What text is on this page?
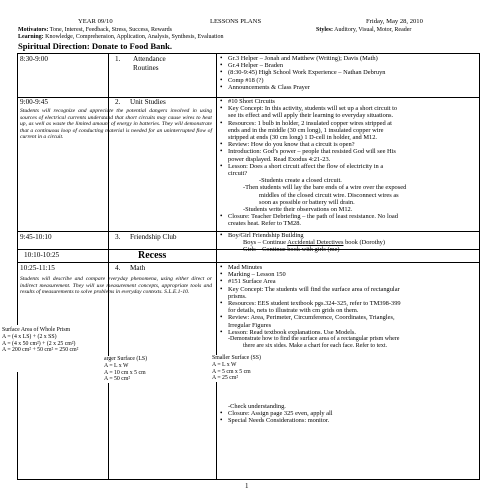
YEAR 09/10	LESSONS PLANS	Friday, May 28, 2010
Motivators: Tone, Interest, Feedback, Stress, Success, Rewards	Styles: Auditory, Visual, Motor, Reader
Learning: Knowledge, Comprehension, Application, Analysis, Synthesis, Evaluation
Spiritual Direction: Donate to Food Bank.
8:30-9:00	1. Attendance
Routines
• Gr.3 Helper – Jonah and Matthew (Writing); Davis (Math)
• Gr.4 Helper – Braden
• (8:30-9:45) High School Work Experience – Nathan Debruyn
• Comp #18 (?)
• Announcements & Class Prayer
9:00-9:45	2. Unit Studies
Students will recognize and appreciate the potential dangers involved in using sources of electrical currents understand that short circuits may cause wires to heat up, as well as waste the limited amount of energy in batteries. They will demonstrate that a continuous loop of conducting material is needed for an uninterrupted flow of current in a circuit.
• #10 Short Circuits
• Key Concept: In this activity, students will set up a short circuit to
see its effect and will apply their learning to everyday situations.
• Resources: 1 bulb in holder, 2 insulated copper wires stripped at
ends and in the middle (30 cm long), 1 insulated copper wire
stripped at ends (30 cm long) 1 D-cell in holder, and M12.
• Review: How do you know that a circuit is open?
• Introduction: God’s power – people that resisted God will see His
power displayed. Read Exodus 4:21-23.
• Lesson: Does a short circuit affect the flow of electricity in a
circuit?
-Students create a closed circuit.
-Then students will lay the bare ends of a wire over the exposed
middles of the closed circuit wire. Disconnect wires as
soon as possible or battery will drain.
-Students write their observations on M12.
• Closure: Teacher Debriefing – the path of least resistance. No load
creates heat. Refer to TM28.
9:45-10:10	3. Friendship Club
•	Boy/Girl Friendship Building
Boys – Continue Accidental Detectives book (Dorothy)
Girls – Continue book with girls (me)
10:10-10:25	Recess
10:25-11:15	4. Math
Students will describe and compare everyday phenomena, using either direct or indirect measurement. They will use measurement concepts, appropriate tools and results of measurements to solve problems in everyday contexts. S.L.E.1-10.
• Mad Minutes
• Marking – Lesson 150
• #151 Surface Area
• Key Concept: The students will find the surface area of rectangular
prisms.
• Resources: EES student textbook pgs.324-325, refer to TM398-399
for details, nets to illustrate with cm grids on them.
• Review: Area, Perimeter, Circumference, Coordinates, Triangles,
Irregular Figures
• Lesson: Read textbook explanations. Use Models.
-Demonstrate how to find the surface area of a rectangular prism where
there are six sides. Make a chart for each face. Refer to text.
Surface Area of Whole Prism
A = (4 x LS) + (2 x SS)
A = (4 x 50 cm²) + (2 x 25 cm²)
A = 200 cm² + 50 cm² = 250 cm²
arger Surface (LS)
A = L x W
A = 10 cm x 5 cm
A = 50 cm²
Smaller Surface (SS)
A = L x W
A = 5 cm x 5 cm
A = 25 cm²
-Check understanding.
• Closure: Assign page 325 even, apply all
• Special Needs Considerations: monitor.
1
